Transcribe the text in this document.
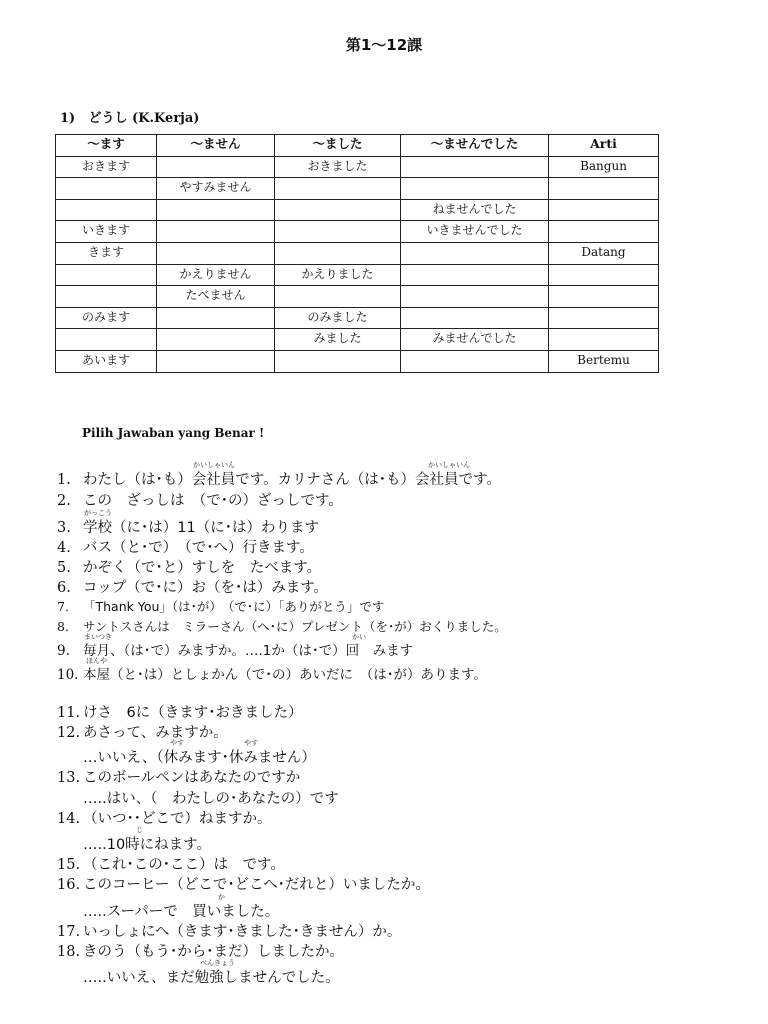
第1〜12課
1) どうし (K.Kerja)
〜ます	〜ません	〜ました	〜ませんでした	Arti
おきます		おきました		Bangun
	やすみません			
			ねませんでした	
いきます			いきませんでした	
きます				Datang
	かえりません	かえりました		
	たべません			
のみます		のみました		
		みました	みませんでした	
あいます				Bertemu
Pilih Jawaban yang Benar !
1. わたし（は･も）会社員です。カリナさん（は･も）会社員です。
かいしゃいん	かいしゃいん
2. この　ざっしは　（で･の）ざっしです。
3. 学校（に･は）11（に･は）わります
がっこう
4. バス（と･で）　（で･へ）行きます。
5. かぞく（で･と）すしを　たべます。
6. コップ（で･に）お（を･は）みます。
7. 「Thank You」（は･が）　（で･に）「ありがとう」です
8. サントスさんは　ミラーさん（へ･に）プレゼント（を･が）おくりました。
9. 毎月、（は･で）みますか。….1か（は･で）回　みます
まいつき	かい
10. 本屋（と･は）としょかん（で･の）あいだに　（は･が）あります。
ほんや
11. けさ　6に（きます･おきました）
12. あさって、みますか。
…いいえ、（休みます･休みません）
やす	やす
13. このボールペンはあなたのですか
…..はい、（　わたしの･あなたの）です
14. （いつ･･どこで）ねますか。
…..10時にねます。
じ
15. （これ･この･ここ）は　です。
16. このコーヒー（どこで･どこへ･だれと）いましたか。
…..スーパーで　買いました。
か
17. いっしょにへ（きます･きました･きません）か。
18. きのう（もう･から･まだ）しましたか。
…..いいえ、まだ勉強しませんでした。
べんきょう
